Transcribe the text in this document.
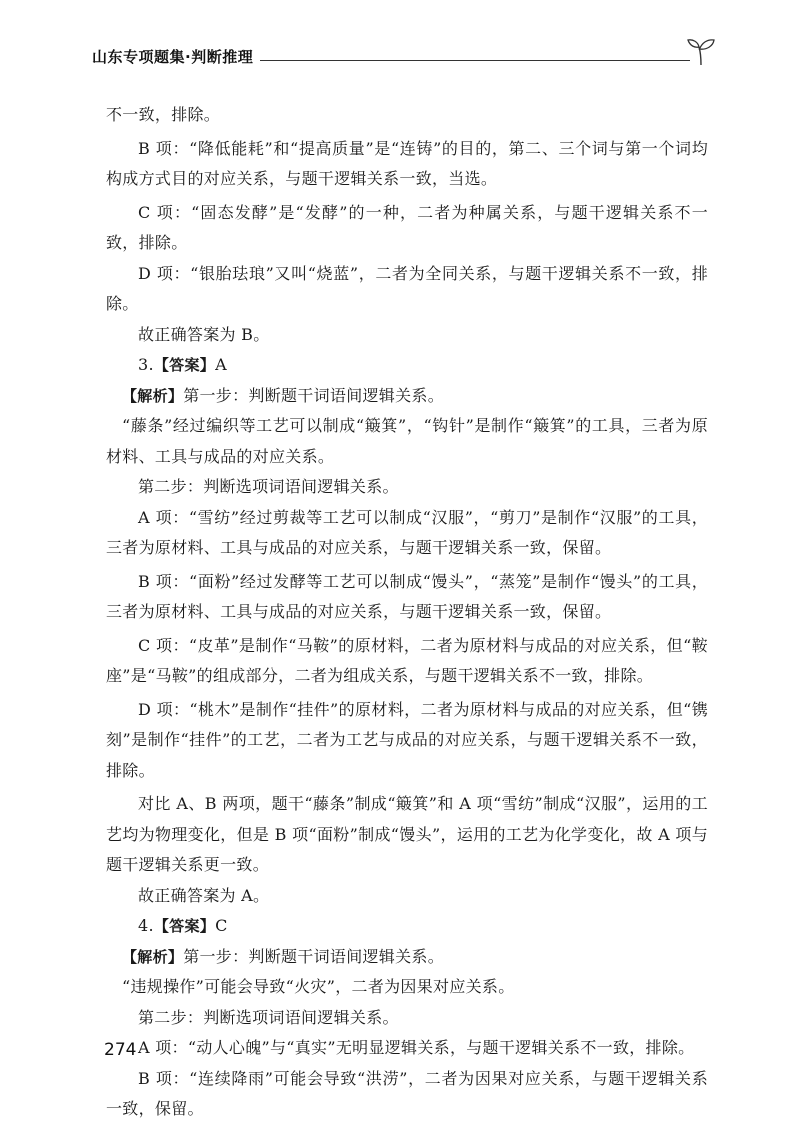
山东专项题集·判断推理

不一致，排除。

B 项：“降低能耗”和“提高质量”是“连铸”的目的，第二、三个词与第一个词均构成方式目的对应关系，与题干逻辑关系一致，当选。

C 项：“固态发酵”是“发酵”的一种，二者为种属关系，与题干逻辑关系不一致，排除。

D 项：“银胎珐琅”又叫“烧蓝”，二者为全同关系，与题干逻辑关系不一致，排除。

故正确答案为 B。

3.【答案】A

【解析】第一步：判断题干词语间逻辑关系。

“藤条”经过编织等工艺可以制成“簸箕”，“钩针”是制作“簸箕”的工具，三者为原材料、工具与成品的对应关系。

第二步：判断选项词语间逻辑关系。

A 项：“雪纺”经过剪裁等工艺可以制成“汉服”，“剪刀”是制作“汉服”的工具，三者为原材料、工具与成品的对应关系，与题干逻辑关系一致，保留。

B 项：“面粉”经过发酵等工艺可以制成“馒头”，“蒸笼”是制作“馒头”的工具，三者为原材料、工具与成品的对应关系，与题干逻辑关系一致，保留。

C 项：“皮革”是制作“马鞍”的原材料，二者为原材料与成品的对应关系，但“鞍座”是“马鞍”的组成部分，二者为组成关系，与题干逻辑关系不一致，排除。

D 项：“桃木”是制作“挂件”的原材料，二者为原材料与成品的对应关系，但“镌刻”是制作“挂件”的工艺，二者为工艺与成品的对应关系，与题干逻辑关系不一致，排除。

对比 A、B 两项，题干“藤条”制成“簸箕”和 A 项“雪纺”制成“汉服”，运用的工艺均为物理变化，但是 B 项“面粉”制成“馒头”，运用的工艺为化学变化，故 A 项与题干逻辑关系更一致。

故正确答案为 A。

4.【答案】C

【解析】第一步：判断题干词语间逻辑关系。

“违规操作”可能会导致“火灾”，二者为因果对应关系。

第二步：判断选项词语间逻辑关系。

A 项：“动人心魄”与“真实”无明显逻辑关系，与题干逻辑关系不一致，排除。

B 项：“连续降雨”可能会导致“洪涝”，二者为因果对应关系，与题干逻辑关系一致，保留。

274
